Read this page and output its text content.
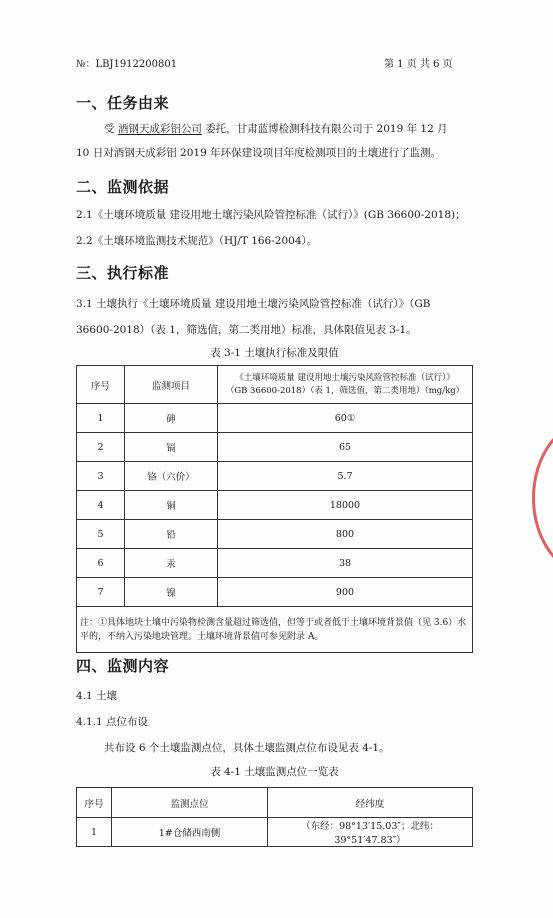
№：LBJ1912200801	第 1 页 共 6 页
一、任务由来
受 酒钢天成彩铝公司 委托，甘肃蓝博检测科技有限公司于 2019 年 12 月
10 日对酒钢天成彩铝 2019 年环保建设项目年度检测项目的土壤进行了监测。
二、监测依据
2.1《土壤环境质量 建设用地土壤污染风险管控标准（试行）》(GB 36600-2018)；
2.2《土壤环境监测技术规范》（HJ/T 166-2004）。
三、执行标准
3.1 土壤执行《土壤环境质量 建设用地土壤污染风险管控标准（试行）》（GB
36600-2018）（表 1，筛选值，第二类用地）标准，具体限值见表 3-1。
表 3-1 土壤执行标准及限值
序号	监测项目	《土壤环境质量 建设用地土壤污染风险管控标准（试行）》
（GB 36600-2018）（表 1，筛选值，第二类用地）（mg/kg）
1	砷	60①
2	镉	65
3	铬（六价）	5.7
4	铜	18000
5	铅	800
6	汞	38
7	镍	900
注：①具体地块土壤中污染物检测含量超过筛选值，但等于或者低于土壤环境背景值（见 3.6）水平的，不纳入污染地块管理。土壤环境背景值可参见附录 A。		
四、监测内容
4.1 土壤
4.1.1 点位布设
共布设 6 个土壤监测点位，具体土壤监测点位布设见表 4-1。
表 4-1 土壤监测点位一览表
序号	监测点位	经纬度
1	1#仓储西南侧	（东经：98°13′15.03″；北纬：39°51′47.83″）
